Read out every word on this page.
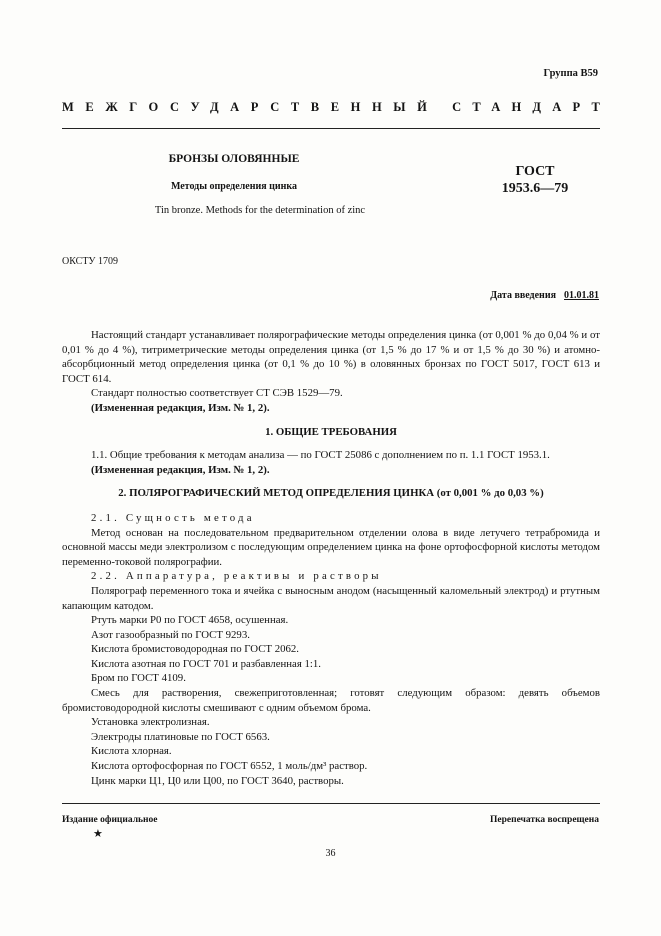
Группа В59
МЕЖГОСУДАРСТВЕННЫЙ СТАНДАРТ
БРОНЗЫ ОЛОВЯННЫЕ
Методы определения цинка
Tin bronze. Methods for the determination of zinc
ГОСТ
1953.6—79
ОКСТУ 1709
Дата введения 01.01.81

Настоящий стандарт устанавливает полярографические методы определения цинка (от 0,001 % до 0,04 % и от 0,01 % до 4 %), титриметрические методы определения цинка (от 1,5 % до 17 % и от 1,5 % до 30 %) и атомно-абсорбционный метод определения цинка (от 0,1 % до 10 %) в оловянных бронзах по ГОСТ 5017, ГОСТ 613 и ГОСТ 614.

Стандарт полностью соответствует СТ СЭВ 1529—79.

(Измененная редакция, Изм. № 1, 2).

1. ОБЩИЕ ТРЕБОВАНИЯ

1.1. Общие требования к методам анализа — по ГОСТ 25086 с дополнением по п. 1.1 ГОСТ 1953.1.

(Измененная редакция, Изм. № 1, 2).

2. ПОЛЯРОГРАФИЧЕСКИЙ МЕТОД ОПРЕДЕЛЕНИЯ ЦИНКА (от 0,001 % до 0,03 %)

2.1. Сущность метода

Метод основан на последовательном предварительном отделении олова в виде летучего тетрабромида и основной массы меди электролизом с последующим определением цинка на фоне ортофосфорной кислоты методом переменно-токовой полярографии.

2.2. Аппаратура, реактивы и растворы

Полярограф переменного тока и ячейка с выносным анодом (насыщенный каломельный электрод) и ртутным капающим катодом.

Ртуть марки Р0 по ГОСТ 4658, осушенная.

Азот газообразный по ГОСТ 9293.

Кислота бромистоводородная по ГОСТ 2062.

Кислота азотная по ГОСТ 701 и разбавленная 1:1.

Бром по ГОСТ 4109.

Смесь для растворения, свежеприготовленная; готовят следующим образом: девять объемов бромистоводородной кислоты смешивают с одним объемом брома.

Установка электролизная.

Электроды платиновые по ГОСТ 6563.

Кислота хлорная.

Кислота ортофосфорная по ГОСТ 6552, 1 моль/дм³ раствор.

Цинк марки Ц1, Ц0 или Ц00, по ГОСТ 3640, растворы.

Издание официальное
★
Перепечатка воспрещена
36
